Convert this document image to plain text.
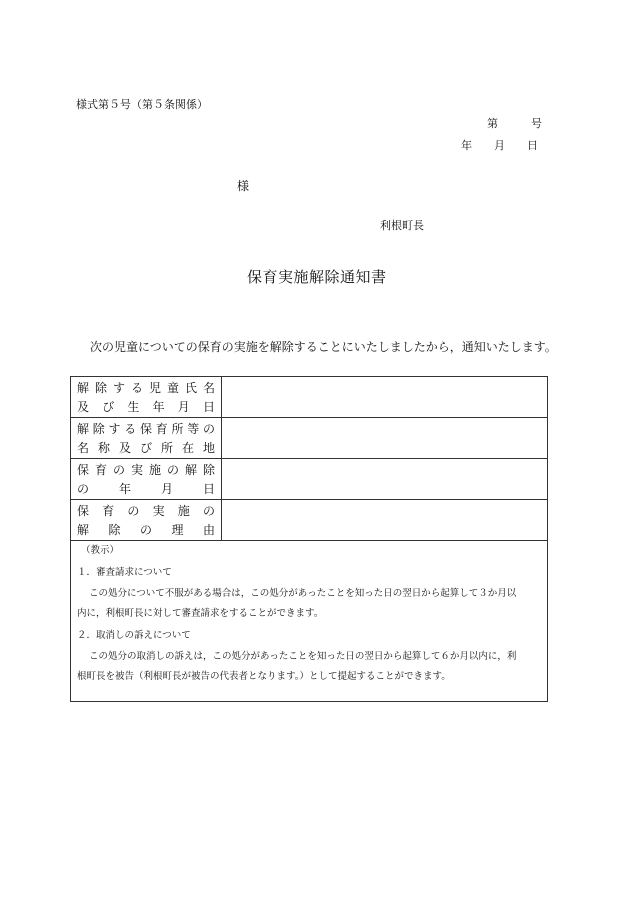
様式第５号（第５条関係）
第　　　号
年　　月　　日
様
利根町長
保育実施解除通知書
次の児童についての保育の実施を解除することにいたしましたから，通知いたします。
解除する児童氏名
及び生年月日
解除する保育所等の
名称及び所在地
保育の実施の解除
の年月日
保育の実施の
解除の理由
（教示）
１．審査請求について
この処分について不服がある場合は，この処分があったことを知った日の翌日から起算して３か月以
内に，利根町長に対して審査請求をすることができます。
２．取消しの訴えについて
この処分の取消しの訴えは，この処分があったことを知った日の翌日から起算して６か月以内に，利
根町長を被告（利根町長が被告の代表者となります。）として提起することができます。
